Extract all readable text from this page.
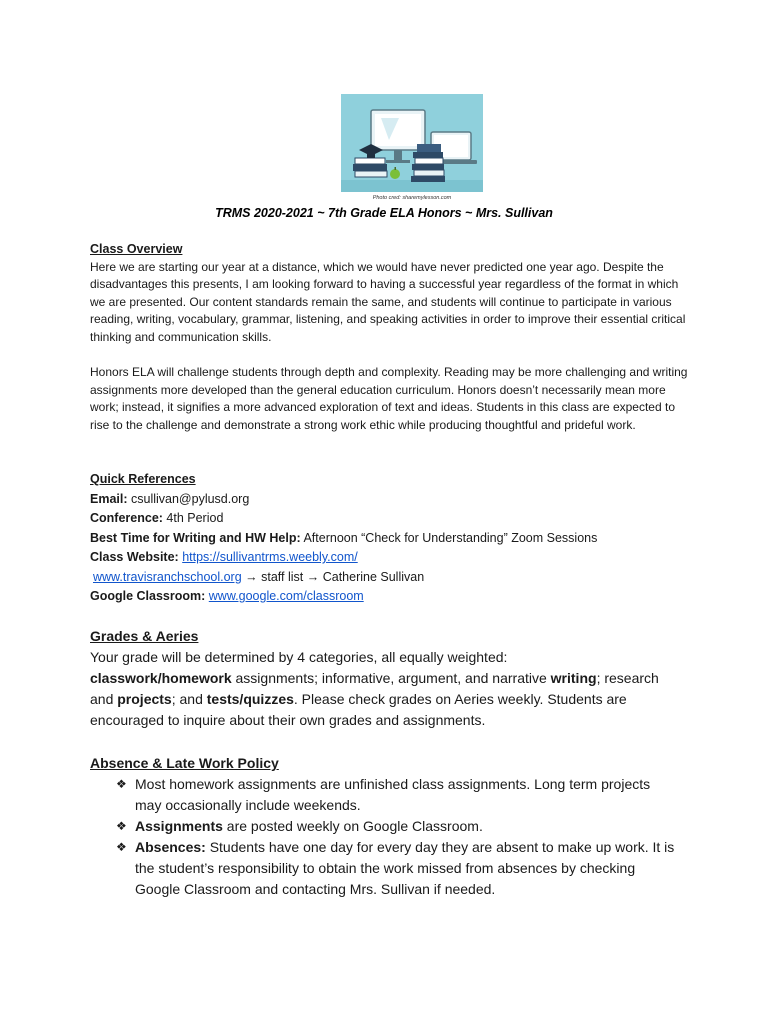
Photo cred: sharemylesson.com
TRMS 2020-2021 ~ 7th Grade ELA Honors ~ Mrs. Sullivan
Class Overview

Here we are starting our year at a distance, which we would have never predicted one year ago. Despite the disadvantages this presents, I am looking forward to having a successful year regardless of the format in which we are presented. Our content standards remain the same, and students will continue to participate in various reading, writing, vocabulary, grammar, listening, and speaking activities in order to improve their essential critical thinking and communication skills.

Honors ELA will challenge students through depth and complexity. Reading may be more challenging and writing assignments more developed than the general education curriculum. Honors doesn’t necessarily mean more work; instead, it signifies a more advanced exploration of text and ideas. Students in this class are expected to rise to the challenge and demonstrate a strong work ethic while producing thoughtful and prideful work.

Quick References
Email: csullivan@pylusd.org
Conference: 4th Period
Best Time for Writing and HW Help: Afternoon “Check for Understanding” Zoom Sessions
Class Website: https://sullivantrms.weebly.com/
www.travisranchschool.org → staff list → Catherine Sullivan
Google Classroom: www.google.com/classroom
Grades & Aeries
Your grade will be determined by 4 categories, all equally weighted:
classwork/homework assignments; informative, argument, and narrative writing; research and projects; and tests/quizzes. Please check grades on Aeries weekly. Students are encouraged to inquire about their own grades and assignments.
Absence & Late Work Policy
❖ Most homework assignments are unfinished class assignments. Long term projects may occasionally include weekends.
❖ Assignments are posted weekly on Google Classroom.
❖ Absences: Students have one day for every day they are absent to make up work. It is the student’s responsibility to obtain the work missed from absences by checking Google Classroom and contacting Mrs. Sullivan if needed.
